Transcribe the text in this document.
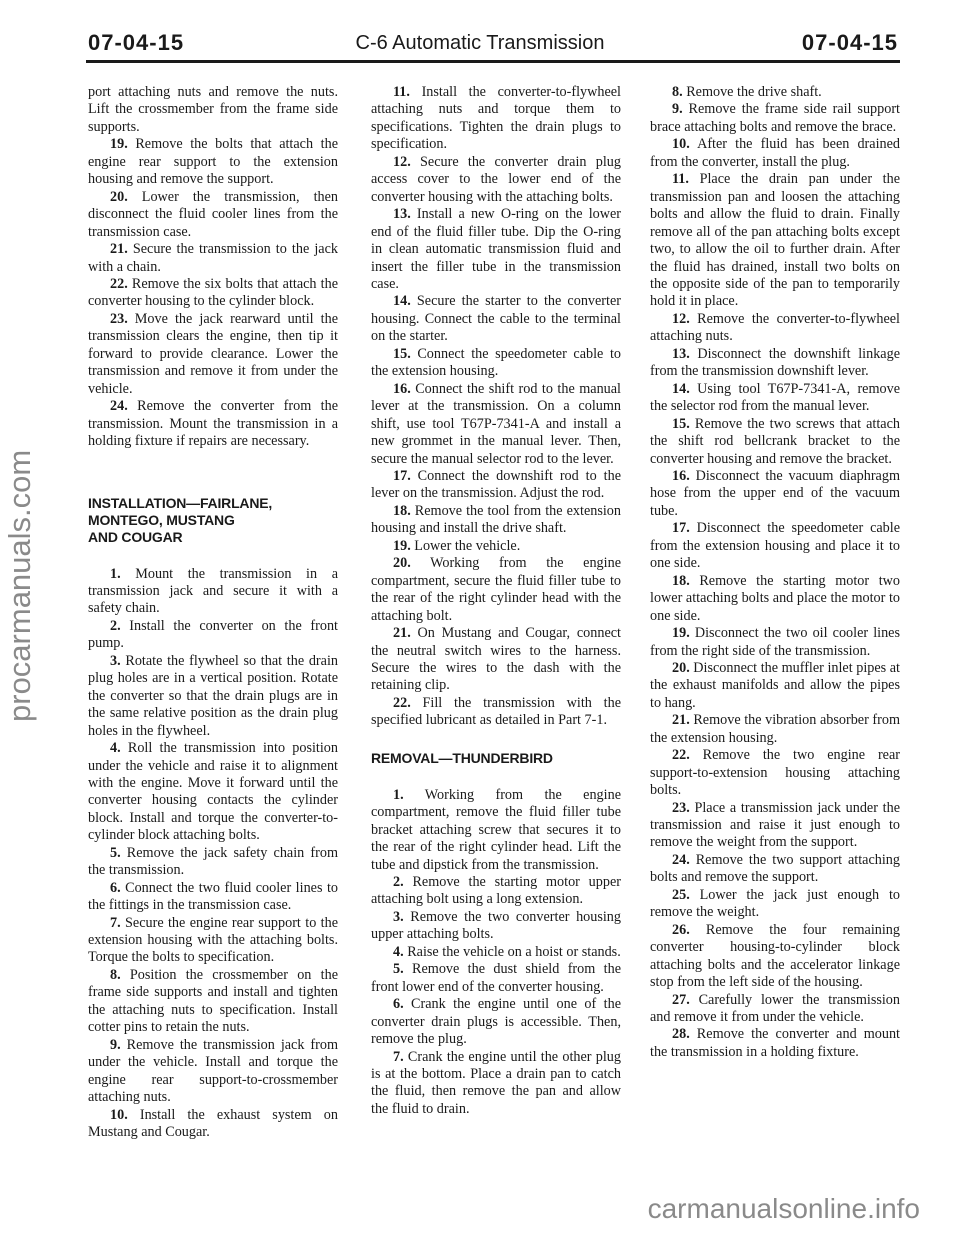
07-04-15	C-6 Automatic Transmission	07-04-15

port attaching nuts and remove the nuts. Lift the crossmember from the frame side supports.

19. Remove the bolts that attach the engine rear support to the extension housing and remove the support.

20. Lower the transmission, then disconnect the fluid cooler lines from the transmission case.

21. Secure the transmission to the jack with a chain.

22. Remove the six bolts that attach the converter housing to the cylinder block.

23. Move the jack rearward until the transmission clears the engine, then tip it forward to provide clearance. Lower the transmission and remove it from under the vehicle.

24. Remove the converter from the transmission. Mount the transmission in a holding fixture if repairs are necessary.

INSTALLATION—FAIRLANE,
MONTEGO, MUSTANG
AND COUGAR

1. Mount the transmission in a transmission jack and secure it with a safety chain.

2. Install the converter on the front pump.

3. Rotate the flywheel so that the drain plug holes are in a vertical position. Rotate the converter so that the drain plugs are in the same relative position as the drain plug holes in the flywheel.

4. Roll the transmission into position under the vehicle and raise it to alignment with the engine. Move it forward until the converter housing contacts the cylinder block. Install and torque the converter-to-cylinder block attaching bolts.

5. Remove the jack safety chain from the transmission.

6. Connect the two fluid cooler lines to the fittings in the transmission case.

7. Secure the engine rear support to the extension housing with the attaching bolts. Torque the bolts to specification.

8. Position the crossmember on the frame side supports and install and tighten the attaching nuts to specification. Install cotter pins to retain the nuts.

9. Remove the transmission jack from under the vehicle. Install and torque the engine rear support-to-crossmember attaching nuts.

10. Install the exhaust system on Mustang and Cougar.

11. Install the converter-to-flywheel attaching nuts and torque them to specifications. Tighten the drain plugs to specification.

12. Secure the converter drain plug access cover to the lower end of the converter housing with the attaching bolts.

13. Install a new O-ring on the lower end of the fluid filler tube. Dip the O-ring in clean automatic transmission fluid and insert the filler tube in the transmission case.

14. Secure the starter to the converter housing. Connect the cable to the terminal on the starter.

15. Connect the speedometer cable to the extension housing.

16. Connect the shift rod to the manual lever at the transmission. On a column shift, use tool T67P-7341-A and install a new grommet in the manual lever. Then, secure the manual selector rod to the lever.

17. Connect the downshift rod to the lever on the transmission. Adjust the rod.

18. Remove the tool from the extension housing and install the drive shaft.

19. Lower the vehicle.

20. Working from the engine compartment, secure the fluid filler tube to the rear of the right cylinder head with the attaching bolt.

21. On Mustang and Cougar, connect the neutral switch wires to the harness. Secure the wires to the dash with the retaining clip.

22. Fill the transmission with the specified lubricant as detailed in Part 7-1.

REMOVAL—THUNDERBIRD

1. Working from the engine compartment, remove the fluid filler tube bracket attaching screw that secures it to the rear of the right cylinder head. Lift the tube and dipstick from the transmission.

2. Remove the starting motor upper attaching bolt using a long extension.

3. Remove the two converter housing upper attaching bolts.

4. Raise the vehicle on a hoist or stands.

5. Remove the dust shield from the front lower end of the converter housing.

6. Crank the engine until one of the converter drain plugs is accessible. Then, remove the plug.

7. Crank the engine until the other plug is at the bottom. Place a drain pan to catch the fluid, then remove the pan and allow the fluid to drain.

8. Remove the drive shaft.

9. Remove the frame side rail support brace attaching bolts and remove the brace.

10. After the fluid has been drained from the converter, install the plug.

11. Place the drain pan under the transmission pan and loosen the attaching bolts and allow the fluid to drain. Finally remove all of the pan attaching bolts except two, to allow the oil to further drain. After the fluid has drained, install two bolts on the opposite side of the pan to temporarily hold it in place.

12. Remove the converter-to-flywheel attaching nuts.

13. Disconnect the downshift linkage from the transmission downshift lever.

14. Using tool T67P-7341-A, remove the selector rod from the manual lever.

15. Remove the two screws that attach the shift rod bellcrank bracket to the converter housing and remove the bracket.

16. Disconnect the vacuum diaphragm hose from the upper end of the vacuum tube.

17. Disconnect the speedometer cable from the extension housing and place it to one side.

18. Remove the starting motor two lower attaching bolts and place the motor to one side.

19. Disconnect the two oil cooler lines from the right side of the transmission.

20. Disconnect the muffler inlet pipes at the exhaust manifolds and allow the pipes to hang.

21. Remove the vibration absorber from the extension housing.

22. Remove the two engine rear support-to-extension housing attaching bolts.

23. Place a transmission jack under the transmission and raise it just enough to remove the weight from the support.

24. Remove the two support attaching bolts and remove the support.

25. Lower the jack just enough to remove the weight.

26. Remove the four remaining converter housing-to-cylinder block attaching bolts and the accelerator linkage stop from the left side of the housing.

27. Carefully lower the transmission and remove it from under the vehicle.

28. Remove the converter and mount the transmission in a holding fixture.

procarmanuals.com
carmanualsonline.info
